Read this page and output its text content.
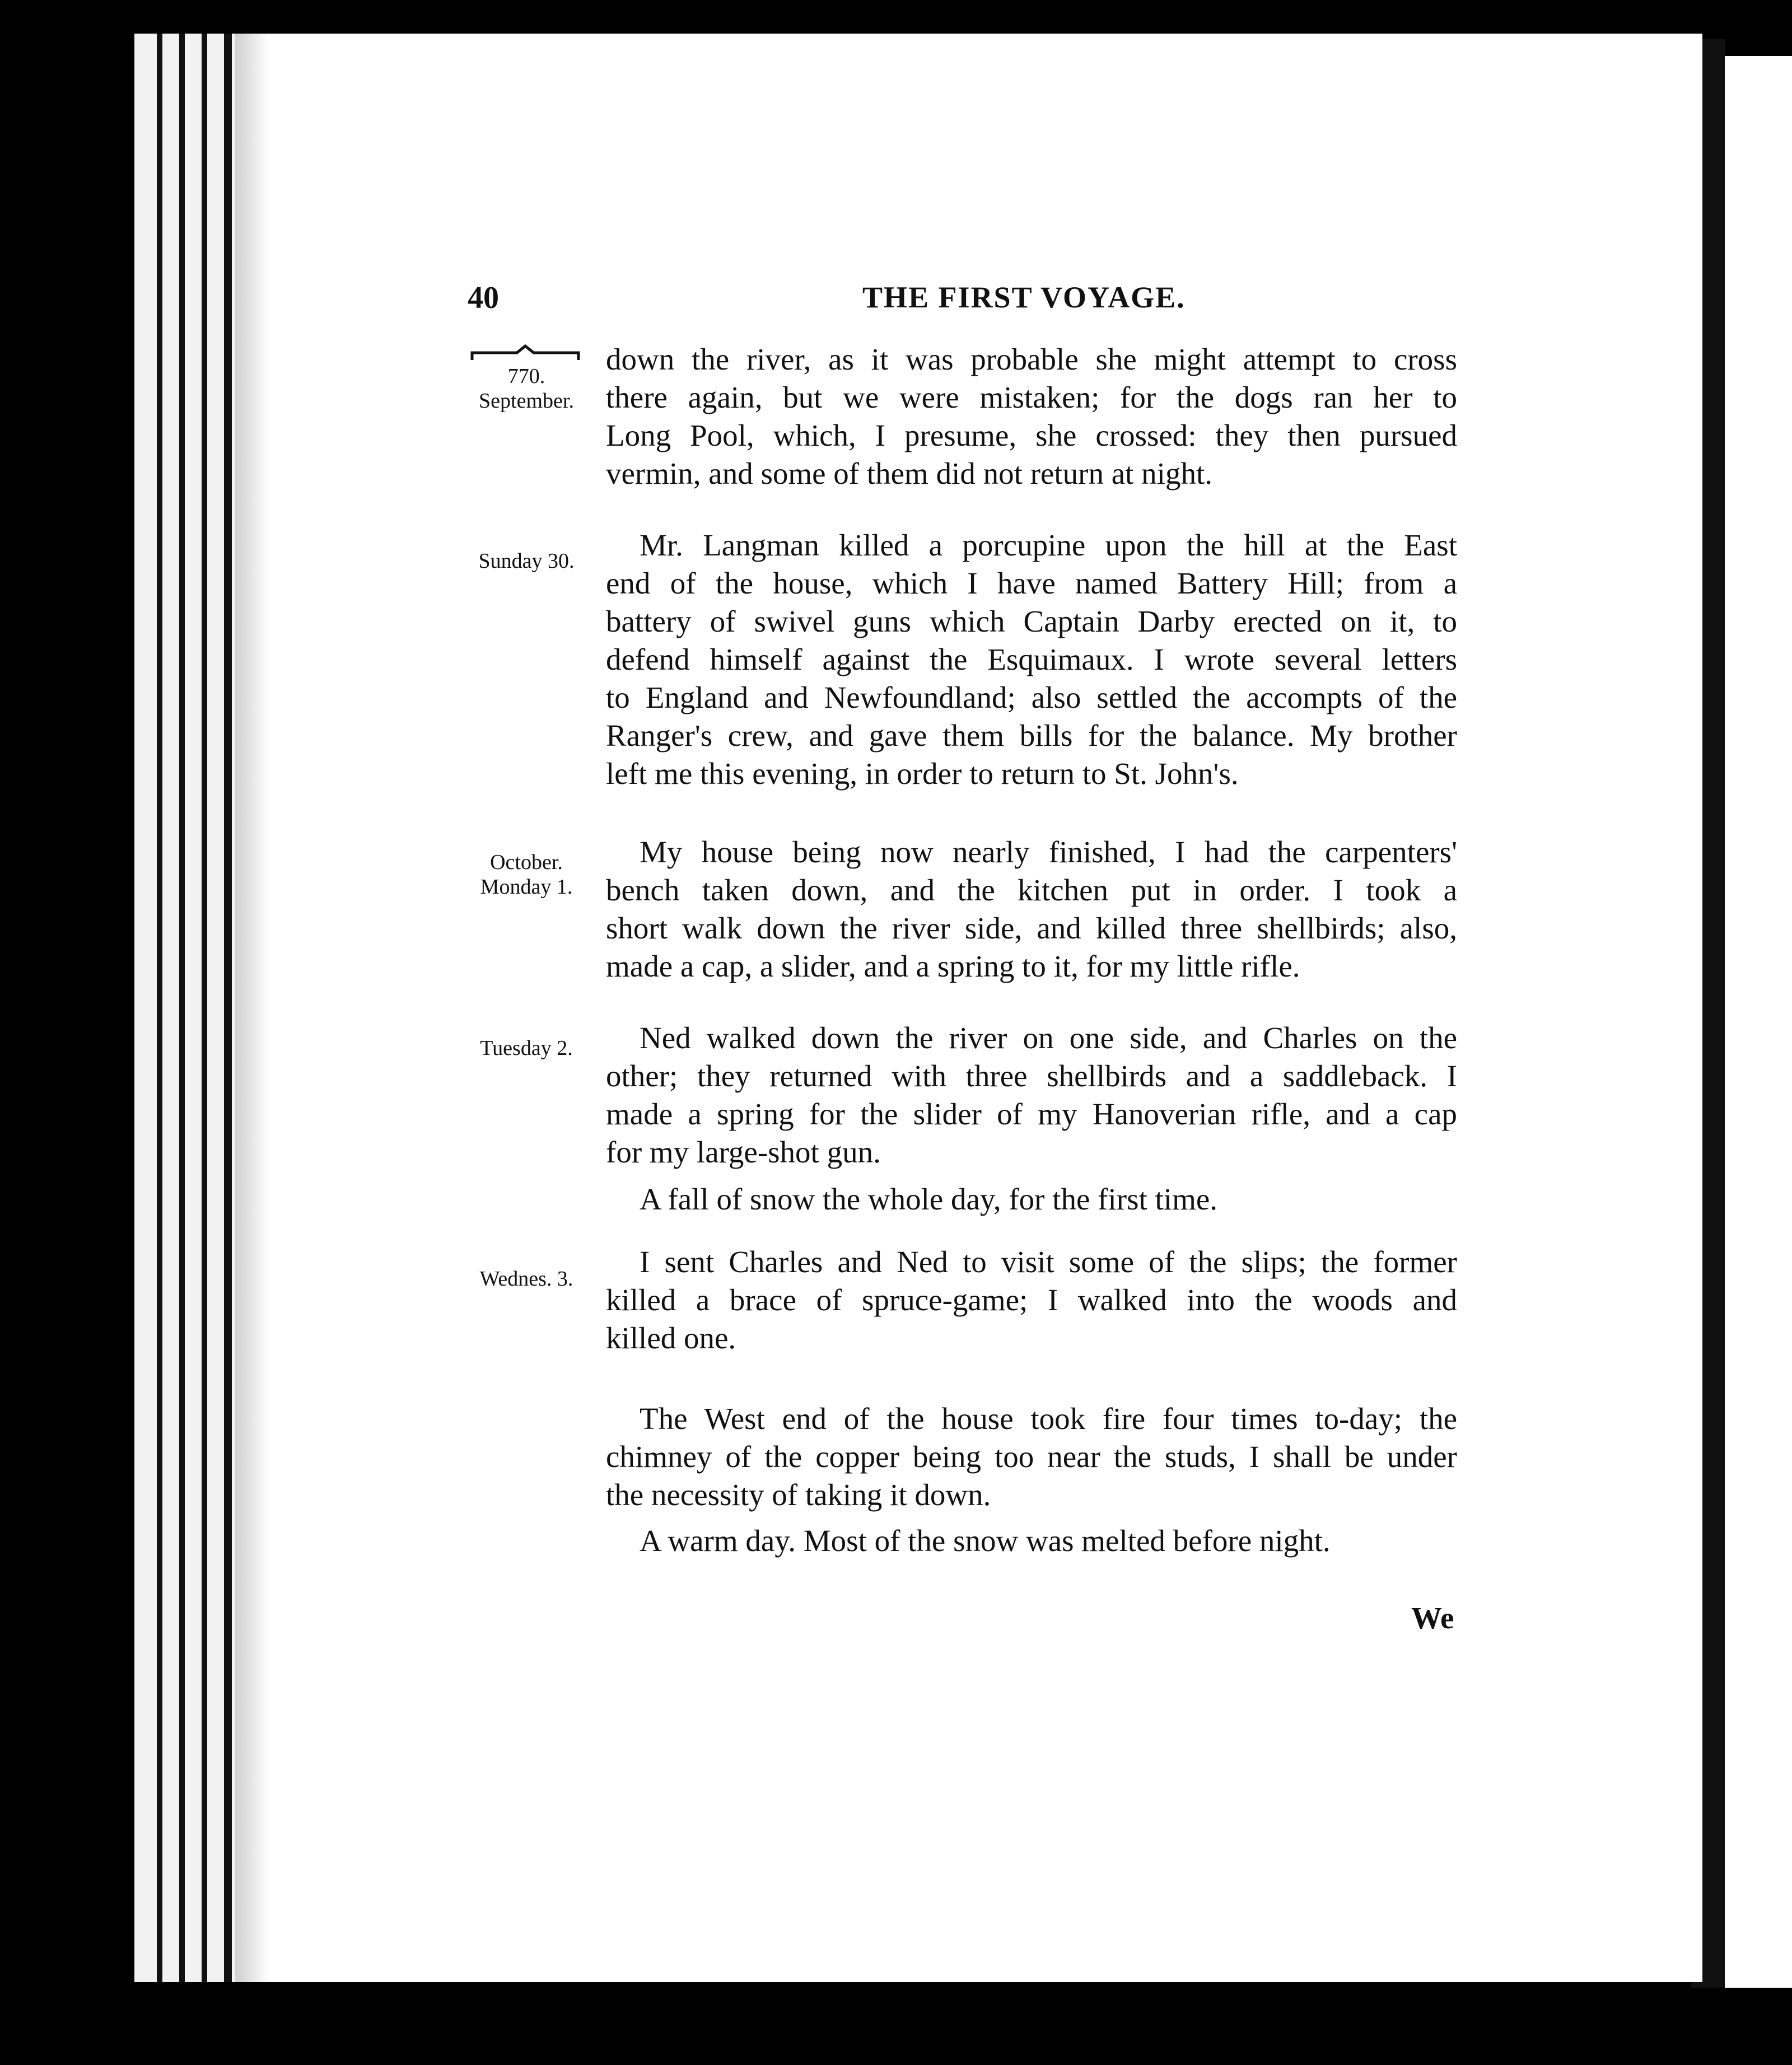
40	THE FIRST VOYAGE.
770.
September.
Sunday 30.
October.
Monday 1.
Tuesday 2.
Wednes. 3.
down the river, as it was probable she might attempt to cross
there again, but we were mistaken; for the dogs ran her to
Long Pool, which, I presume, she crossed: they then pursued
vermin, and some of them did not return at night.
Mr. Langman killed a porcupine upon the hill at the East
end of the house, which I have named Battery Hill; from a
battery of swivel guns which Captain Darby erected on it, to
defend himself against the Esquimaux. I wrote several letters
to England and Newfoundland; also settled the accompts of the
Ranger's crew, and gave them bills for the balance. My brother
left me this evening, in order to return to St. John's.
My house being now nearly finished, I had the carpenters'
bench taken down, and the kitchen put in order. I took a
short walk down the river side, and killed three shellbirds; also,
made a cap, a slider, and a spring to it, for my little rifle.
Ned walked down the river on one side, and Charles on the
other; they returned with three shellbirds and a saddleback. I
made a spring for the slider of my Hanoverian rifle, and a cap
for my large-shot gun.
A fall of snow the whole day, for the first time.
I sent Charles and Ned to visit some of the slips; the former
killed a brace of spruce-game; I walked into the woods and
killed one.
The West end of the house took fire four times to-day; the
chimney of the copper being too near the studs, I shall be under
the necessity of taking it down.
A warm day. Most of the snow was melted before night.
We
